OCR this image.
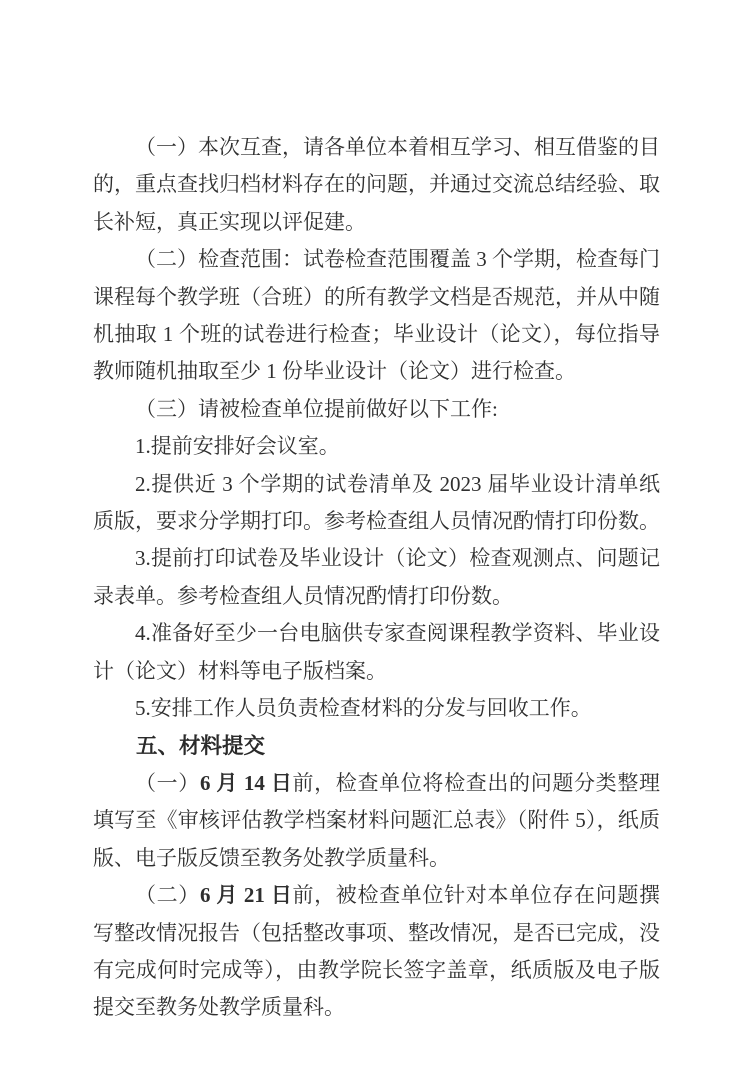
（一）本次互查，请各单位本着相互学习、相互借鉴的目的，重点查找归档材料存在的问题，并通过交流总结经验、取长补短，真正实现以评促建。

（二）检查范围：试卷检查范围覆盖 3 个学期，检查每门课程每个教学班（合班）的所有教学文档是否规范，并从中随机抽取 1 个班的试卷进行检查；毕业设计（论文），每位指导教师随机抽取至少 1 份毕业设计（论文）进行检查。

（三）请被检查单位提前做好以下工作:

1.提前安排好会议室。

2.提供近 3 个学期的试卷清单及 2023 届毕业设计清单纸质版，要求分学期打印。参考检查组人员情况酌情打印份数。

3.提前打印试卷及毕业设计（论文）检查观测点、问题记录表单。参考检查组人员情况酌情打印份数。

4.准备好至少一台电脑供专家查阅课程教学资料、毕业设计（论文）材料等电子版档案。

5.安排工作人员负责检查材料的分发与回收工作。

五、材料提交

（一）6 月 14 日前，检查单位将检查出的问题分类整理填写至《审核评估教学档案材料问题汇总表》（附件 5），纸质版、电子版反馈至教务处教学质量科。

（二）6 月 21 日前，被检查单位针对本单位存在问题撰写整改情况报告（包括整改事项、整改情况，是否已完成，没有完成何时完成等），由教学院长签字盖章，纸质版及电子版提交至教务处教学质量科。
